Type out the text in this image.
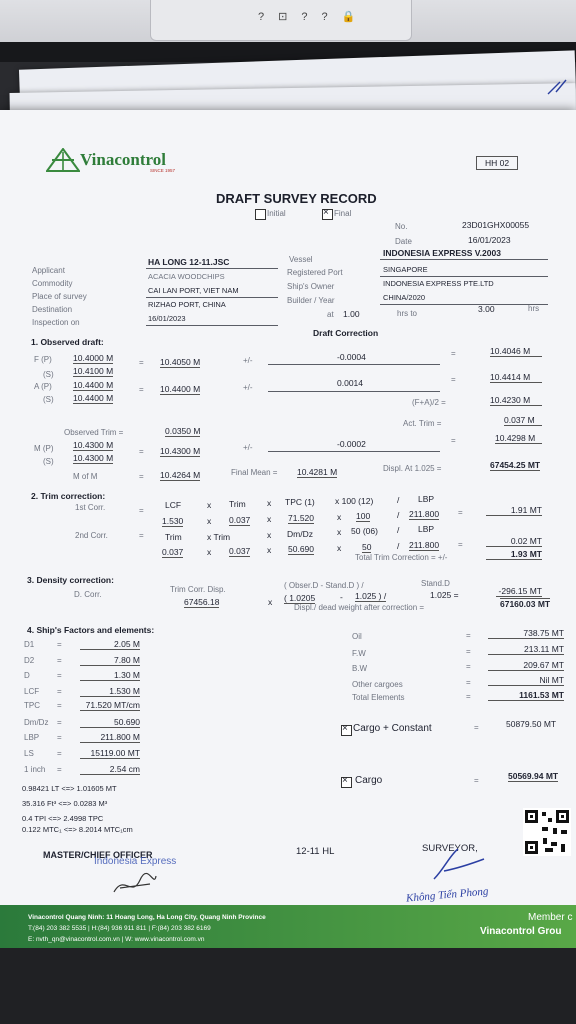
?⊡??🔒
Vinacontrol
SINCE 1957
HH 02
DRAFT SURVEY RECORD
Initial
×	Final
No.	23D01GHX00055
Date	16/01/2023
INDONESIA EXPRESS V.2003
Applicant
Commodity
Place of survey
Destination
Inspection on
HA LONG 12-11.JSC
ACACIA WOODCHIPS
CAI LAN PORT, VIET NAM
RIZHAO PORT, CHINA
16/01/2023
Vessel
Registered Port
Ship's Owner
Builder / Year
SINGAPORE
INDONESIA EXPRESS PTE.LTD
CHINA/2020
at 1.00	hrs to	3.00	hrs
1. Observed draft:
Draft Correction
F (P)
(S)
A (P)
(S)
10.4000 M
10.4100 M
10.4400 M
10.4400 M
=
=
10.4050 M
10.4400 M
+/-
+/-
-0.0004
0.0014
=
=
10.4046 M
10.4414 M
(F+A)/2 =	10.4230 M
Observed Trim =	0.0350 M
Act. Trim =	0.037 M
M (P)
(S)
10.4300 M
10.4300 M
= 10.4300 M	+/-	-0.0002	=	10.4298 M
M of M	= 10.4264 M	Final Mean = 10.4281 M	Displ. At 1.025 =	67454.25 MT
2. Trim correction:
1st Corr.
2nd Corr.
=
=
LCF	x Trim	x TPC (1) x 100 (12)	/ LBP
1.530	x 0.037 x 71.520	x 100	/ 211.800 =	1.91 MT
Trim	x Trim	x Dm/Dz	x 50 (06) / LBP
0.037	x 0.037 x 50.690	x 50	/ 211.800 =	0.02 MT
Total Trim Correction = +/-	1.93 MT
3. Density correction:
D. Corr.
Trim Corr. Disp.
67456.18	x
( Obser.D - Stand.D ) /	Stand.D
( 1.0205	- 1.025 ) /	1.025 =	-296.15 MT
Displ./ dead weight after correction =	67160.03 MT
4. Ship's Factors and elements:
D1	=	2.05 M
D2	=	7.80 M
D	=	1.30 M
LCF =	1.530 M
TPC =	71.520 MT/cm
Dm/Dz =	50.690
LBP =	211.800 M
LS	=	15119.00 MT
1 inch =	2.54 cm
Oil
F.W
B.W
Other cargoes
Total Elements
=
=
=
=
=
738.75 MT
213.11 MT
209.67 MT
Nil MT
1161.53 MT
×
Cargo + Constant	=	50879.50 MT
×
Cargo	=	50569.94 MT
0.98421 LT <=> 1.01605 MT
35.316 Ft³ <=> 0.0283 M³
0.4 TPI <=> 2.4998 TPC
0.122 MTC₁ <=> 8.2014 MTC₁cm
MASTER/CHIEF OFFICER
Indonesia Express
12-11 HL	SURVEYOR,
Không Tiến Phong
Vinacontrol Quang Ninh: 11 Hoang Long, Ha Long City, Quang Ninh Province
T:(84) 203 382 5535 | H:(84) 936 911 811 | F:(84) 203 382 6169
E: nvth_qn@vinacontrol.com.vn | W: www.vinacontrol.com.vn
Member c
Vinacontrol Grou
